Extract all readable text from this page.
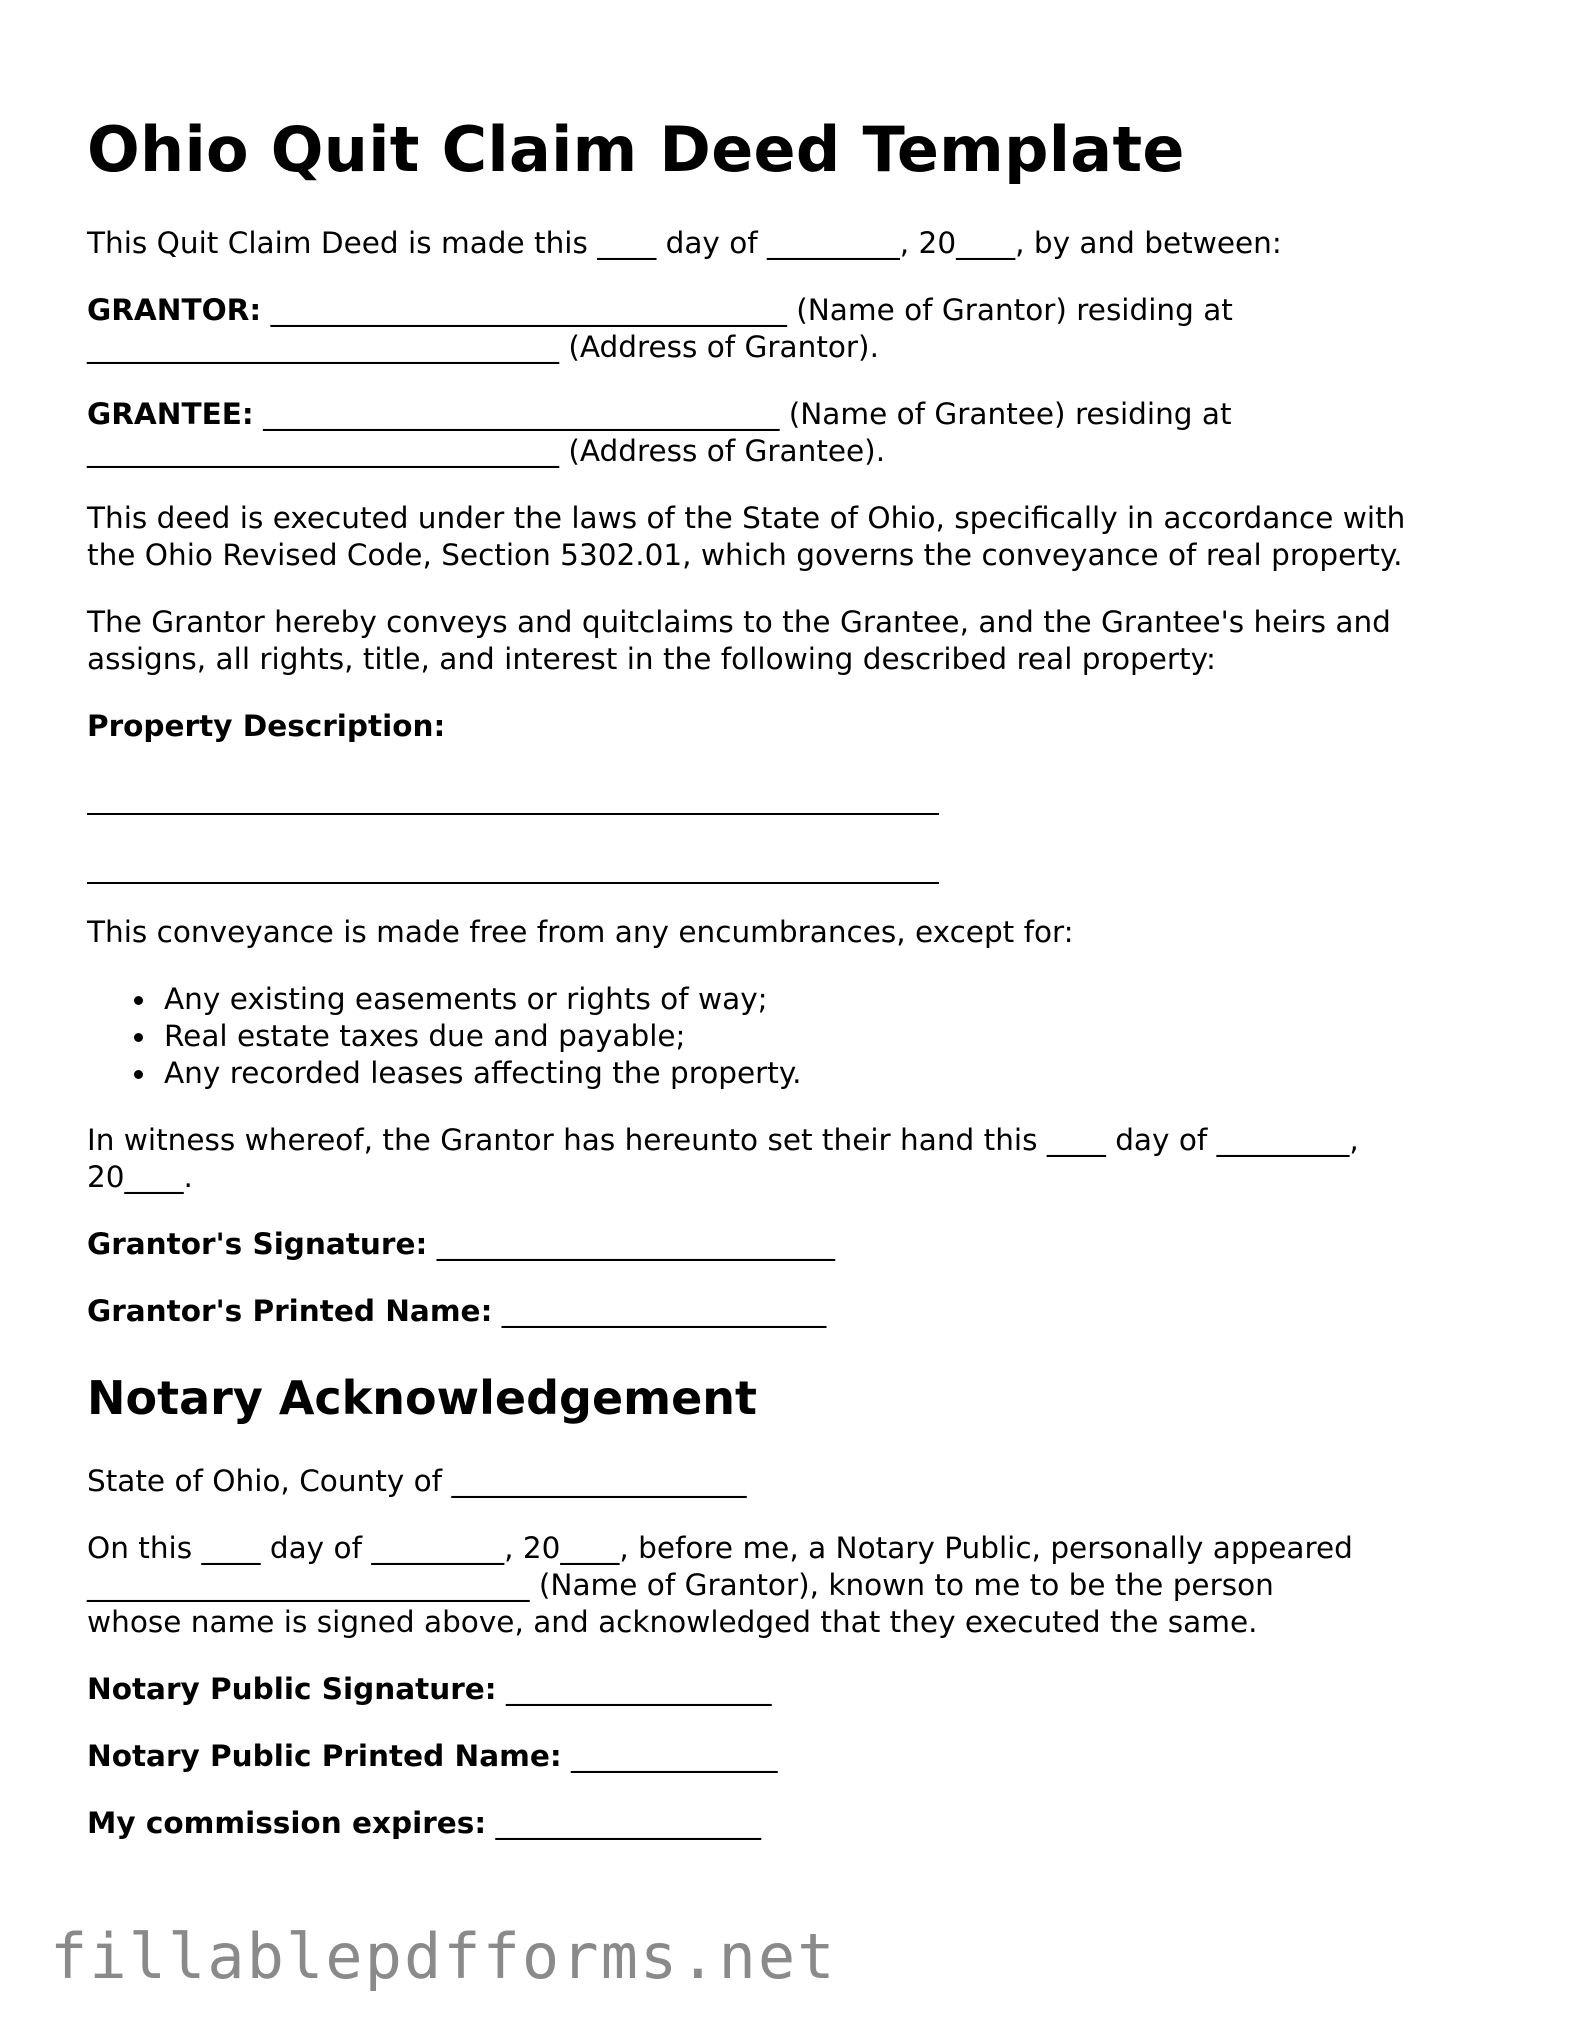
Ohio Quit Claim Deed Template
This Quit Claim Deed is made this ____ day of _________, 20____, by and between:
GRANTOR: ___________________________________ (Name of Grantor) residing at
________________________________ (Address of Grantor).
GRANTEE: ___________________________________ (Name of Grantee) residing at
________________________________ (Address of Grantee).
This deed is executed under the laws of the State of Ohio, specifically in accordance with
the Ohio Revised Code, Section 5302.01, which governs the conveyance of real property.
The Grantor hereby conveys and quitclaims to the Grantee, and the Grantee's heirs and
assigns, all rights, title, and interest in the following described real property:
Property Description:
This conveyance is made free from any encumbrances, except for:
Any existing easements or rights of way;
Real estate taxes due and payable;
Any recorded leases affecting the property.
In witness whereof, the Grantor has hereunto set their hand this ____ day of _________,
20____.
Grantor's Signature: ___________________________
Grantor's Printed Name: ______________________
Notary Acknowledgement
State of Ohio, County of ____________________
On this ____ day of _________, 20____, before me, a Notary Public, personally appeared
______________________________ (Name of Grantor), known to me to be the person
whose name is signed above, and acknowledged that they executed the same.
Notary Public Signature: __________________
Notary Public Printed Name: ______________
My commission expires: __________________
fillablepdfforms.net
